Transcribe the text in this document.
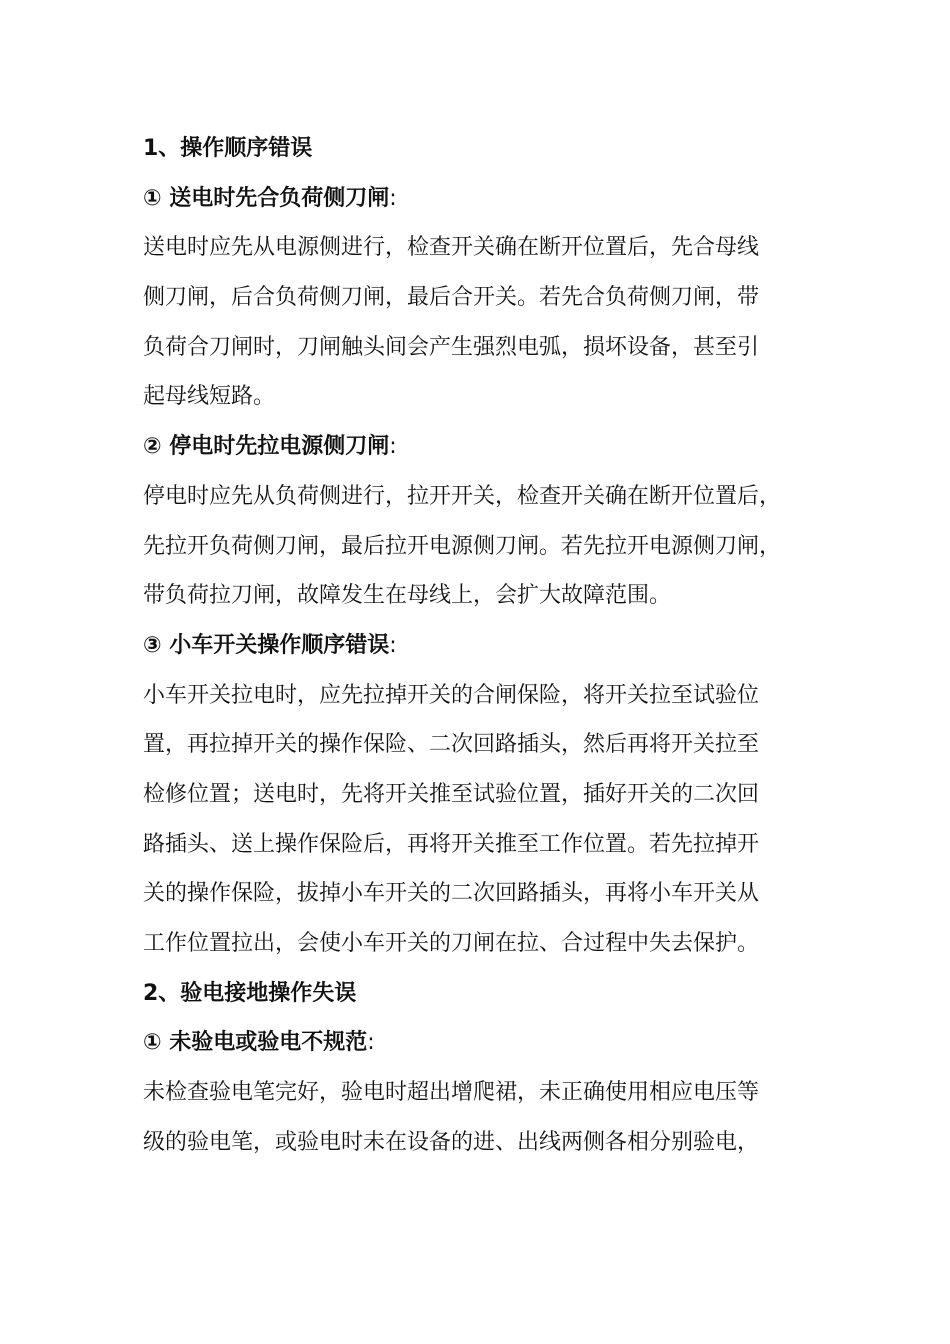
1、操作顺序错误
① 送电时先合负荷侧刀闸:
送电时应先从电源侧进行，检查开关确在断开位置后，先合母线
侧刀闸，后合负荷侧刀闸，最后合开关。若先合负荷侧刀闸，带
负荷合刀闸时，刀闸触头间会产生强烈电弧，损坏设备，甚至引
起母线短路。
② 停电时先拉电源侧刀闸:
停电时应先从负荷侧进行，拉开开关，检查开关确在断开位置后，
先拉开负荷侧刀闸，最后拉开电源侧刀闸。若先拉开电源侧刀闸，
带负荷拉刀闸，故障发生在母线上，会扩大故障范围。
③ 小车开关操作顺序错误:
小车开关拉电时，应先拉掉开关的合闸保险，将开关拉至试验位
置，再拉掉开关的操作保险、二次回路插头，然后再将开关拉至
检修位置；送电时，先将开关推至试验位置，插好开关的二次回
路插头、送上操作保险后，再将开关推至工作位置。若先拉掉开
关的操作保险，拔掉小车开关的二次回路插头，再将小车开关从
工作位置拉出，会使小车开关的刀闸在拉、合过程中失去保护。
2、验电接地操作失误
① 未验电或验电不规范:
未检查验电笔完好，验电时超出增爬裙，未正确使用相应电压等
级的验电笔，或验电时未在设备的进、出线两侧各相分别验电，
